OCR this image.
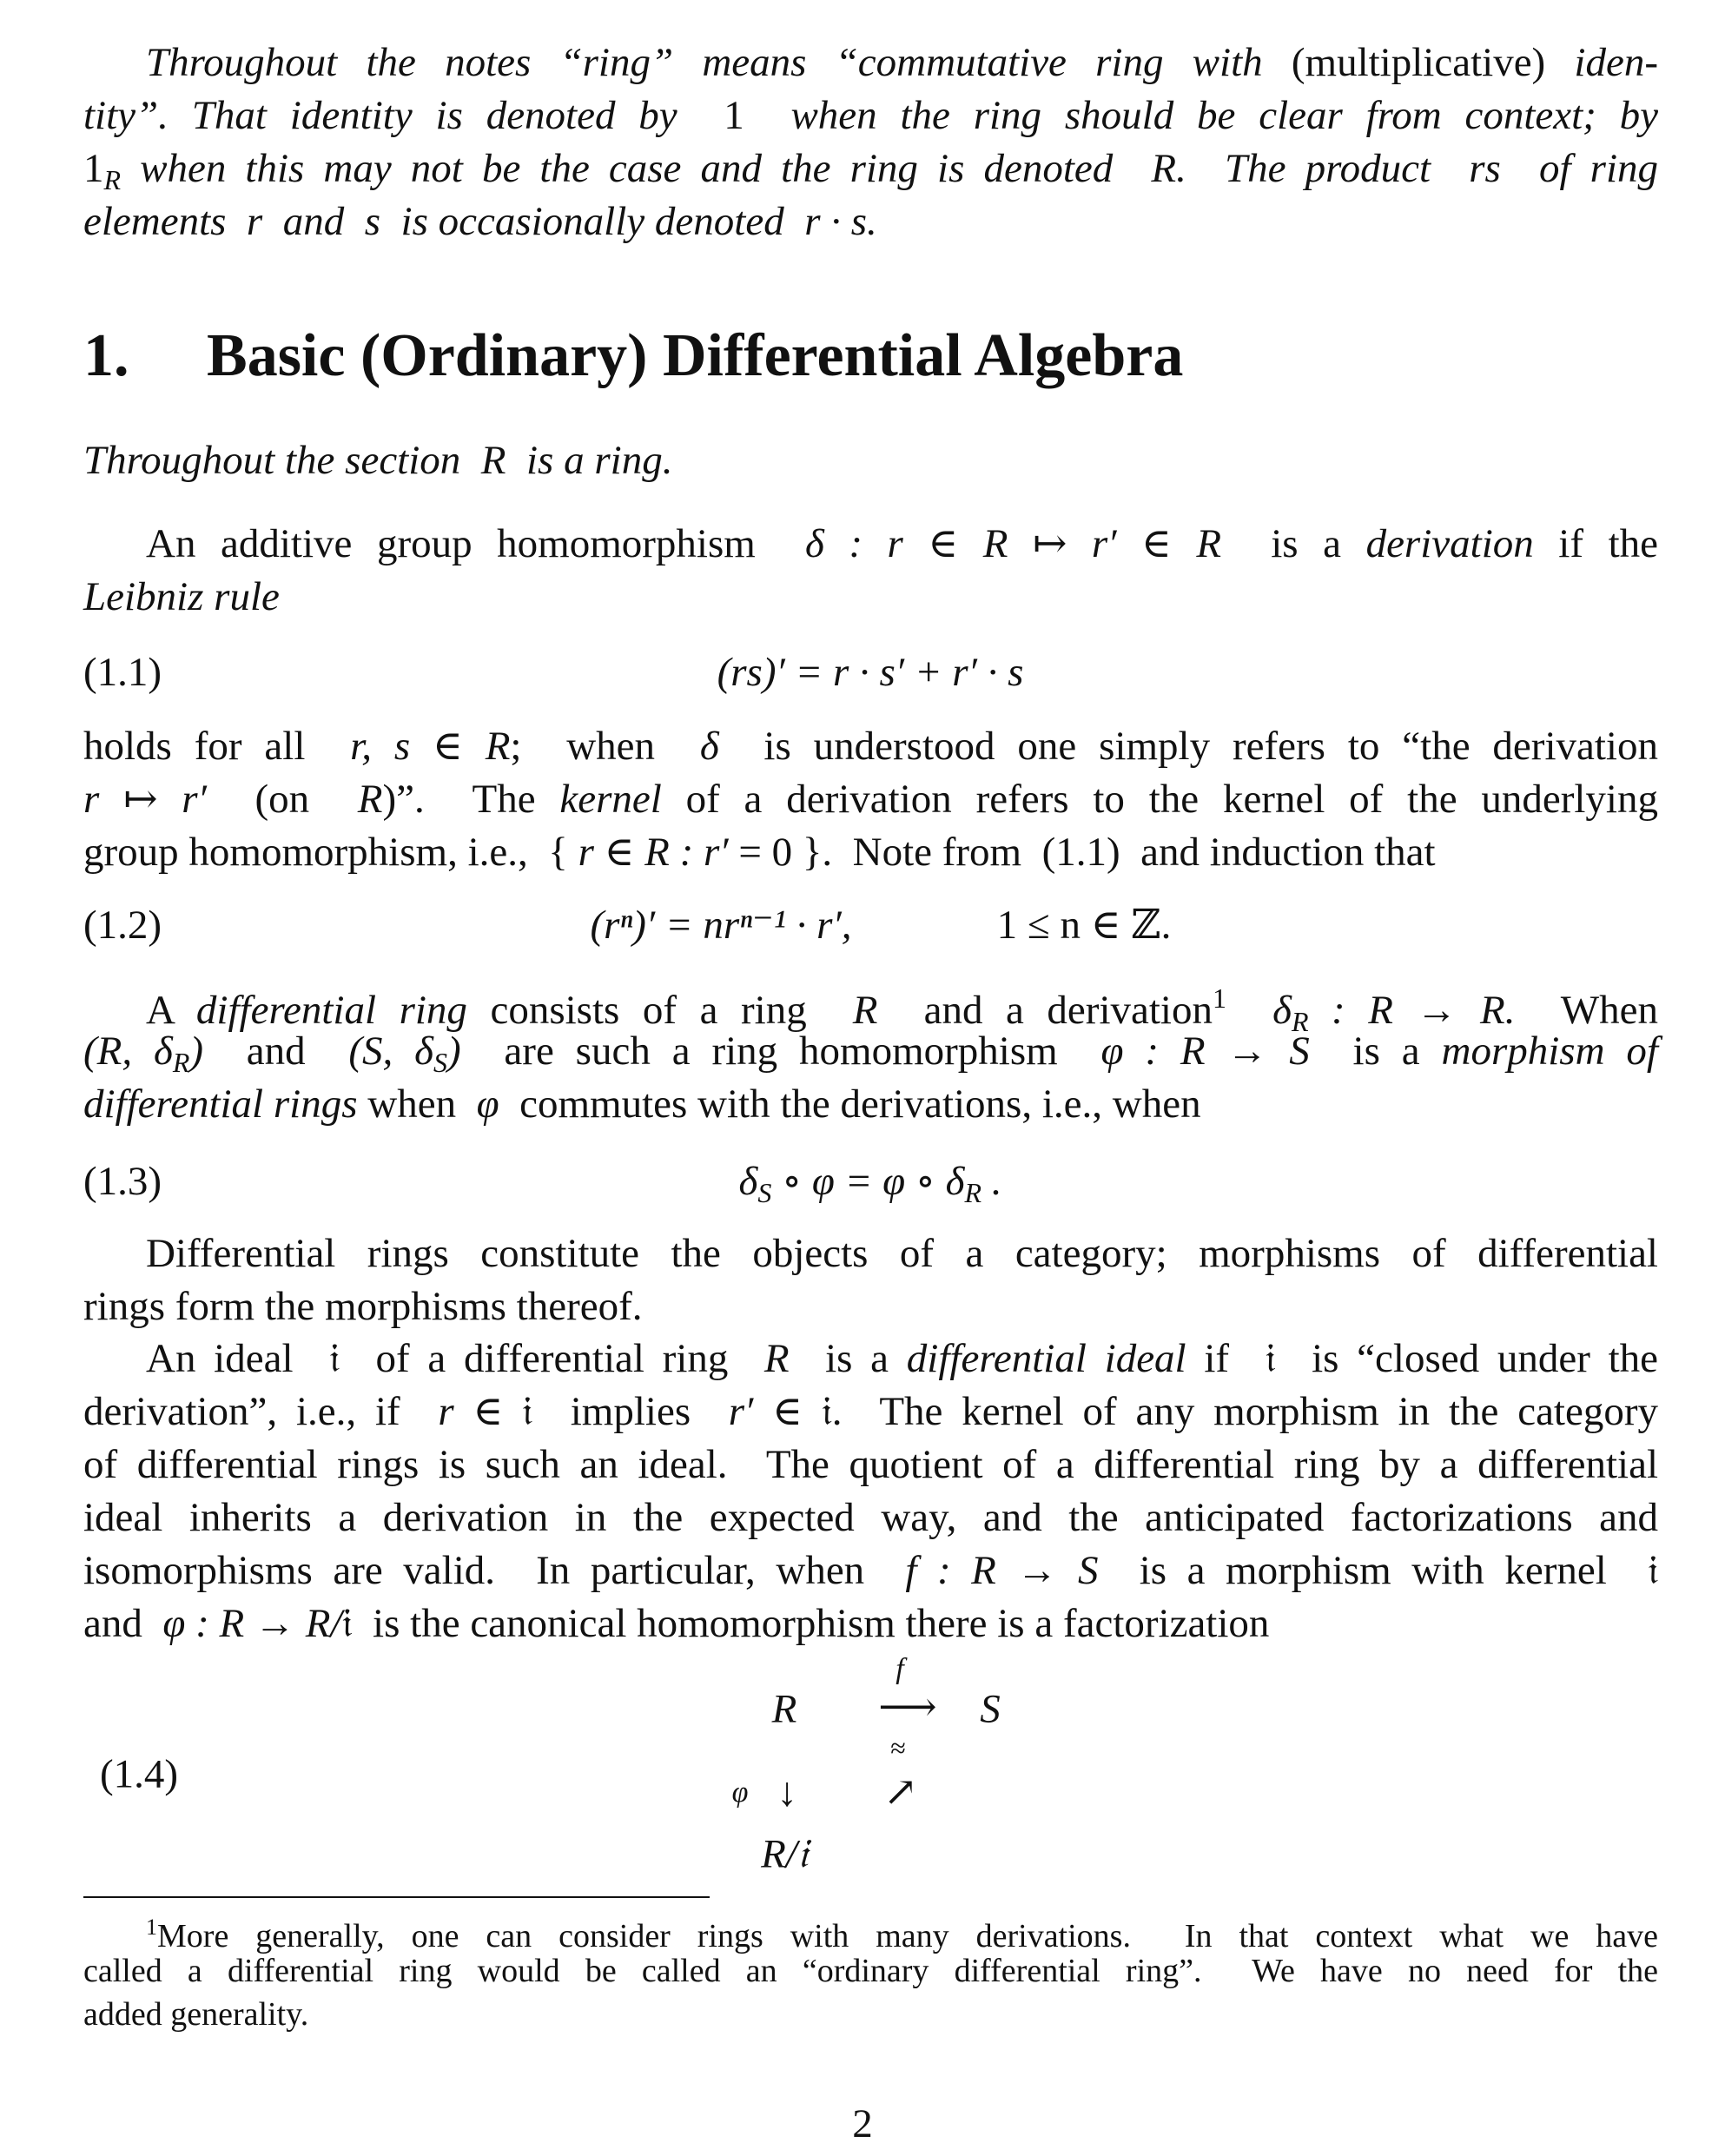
Throughout the notes “ring” means “commutative ring with (multiplicative) iden-
tity”. That identity is denoted by  1  when the ring should be clear from context; by
$1_R$ when this may not be the case and the ring is denoted  R.  The product  rs  of ring
elements  r  and  s  is occasionally denoted  r · s.
1. Basic (Ordinary) Differential Algebra
Throughout the section  R  is a ring.
An additive group homomorphism  δ : r ∈ R ↦ r′ ∈ R  is a derivation if the
Leibniz rule
(1.1)	(rs)′ = r · s′ + r′ · s
holds for all  r, s ∈ R;  when  δ  is understood one simply refers to “the derivation
r ↦ r′  (on  R)”.  The kernel of a derivation refers to the kernel of the underlying
group homomorphism, i.e.,  { r ∈ R : r′ = 0 }.  Note from  (1.1)  and induction that
(1.2)	(rⁿ)′ = nrⁿ⁻¹ · r′,	1 ≤ n ∈ ℤ.
A differential ring consists of a ring  R  and a derivation$^1$  $\delta_R$ : R → R.  When
(R, $\delta_R$)  and  (S, $\delta_S$)  are such a ring homomorphism  φ : R → S  is a morphism of
differential rings when  φ  commutes with the derivations, i.e., when
(1.3)	$\delta_S$ ∘ φ = φ ∘ $\delta_R$ .
Differential rings constitute the objects of a category; morphisms of differential
rings form the morphisms thereof.
An ideal  𝔦  of a differential ring  R  is a differential ideal if  𝔦  is “closed under the
derivation”, i.e., if  r ∈ 𝔦  implies  r′ ∈ 𝔦.  The kernel of any morphism in the category
of differential rings is such an ideal.  The quotient of a differential ring by a differential
ideal inherits a derivation in the expected way, and the anticipated factorizations and
isomorphisms are valid.  In particular, when  f : R → S  is a morphism with kernel  𝔦
and  φ : R → R/𝔦  is the canonical homomorphism there is a factorization
(1.4)
R
f
⟶ S
≈
φ ↓ ↗
R/𝔦
$^1$More generally, one can consider rings with many derivations.  In that context what we have
called a differential ring would be called an “ordinary differential ring”.  We have no need for the
added generality.
2
